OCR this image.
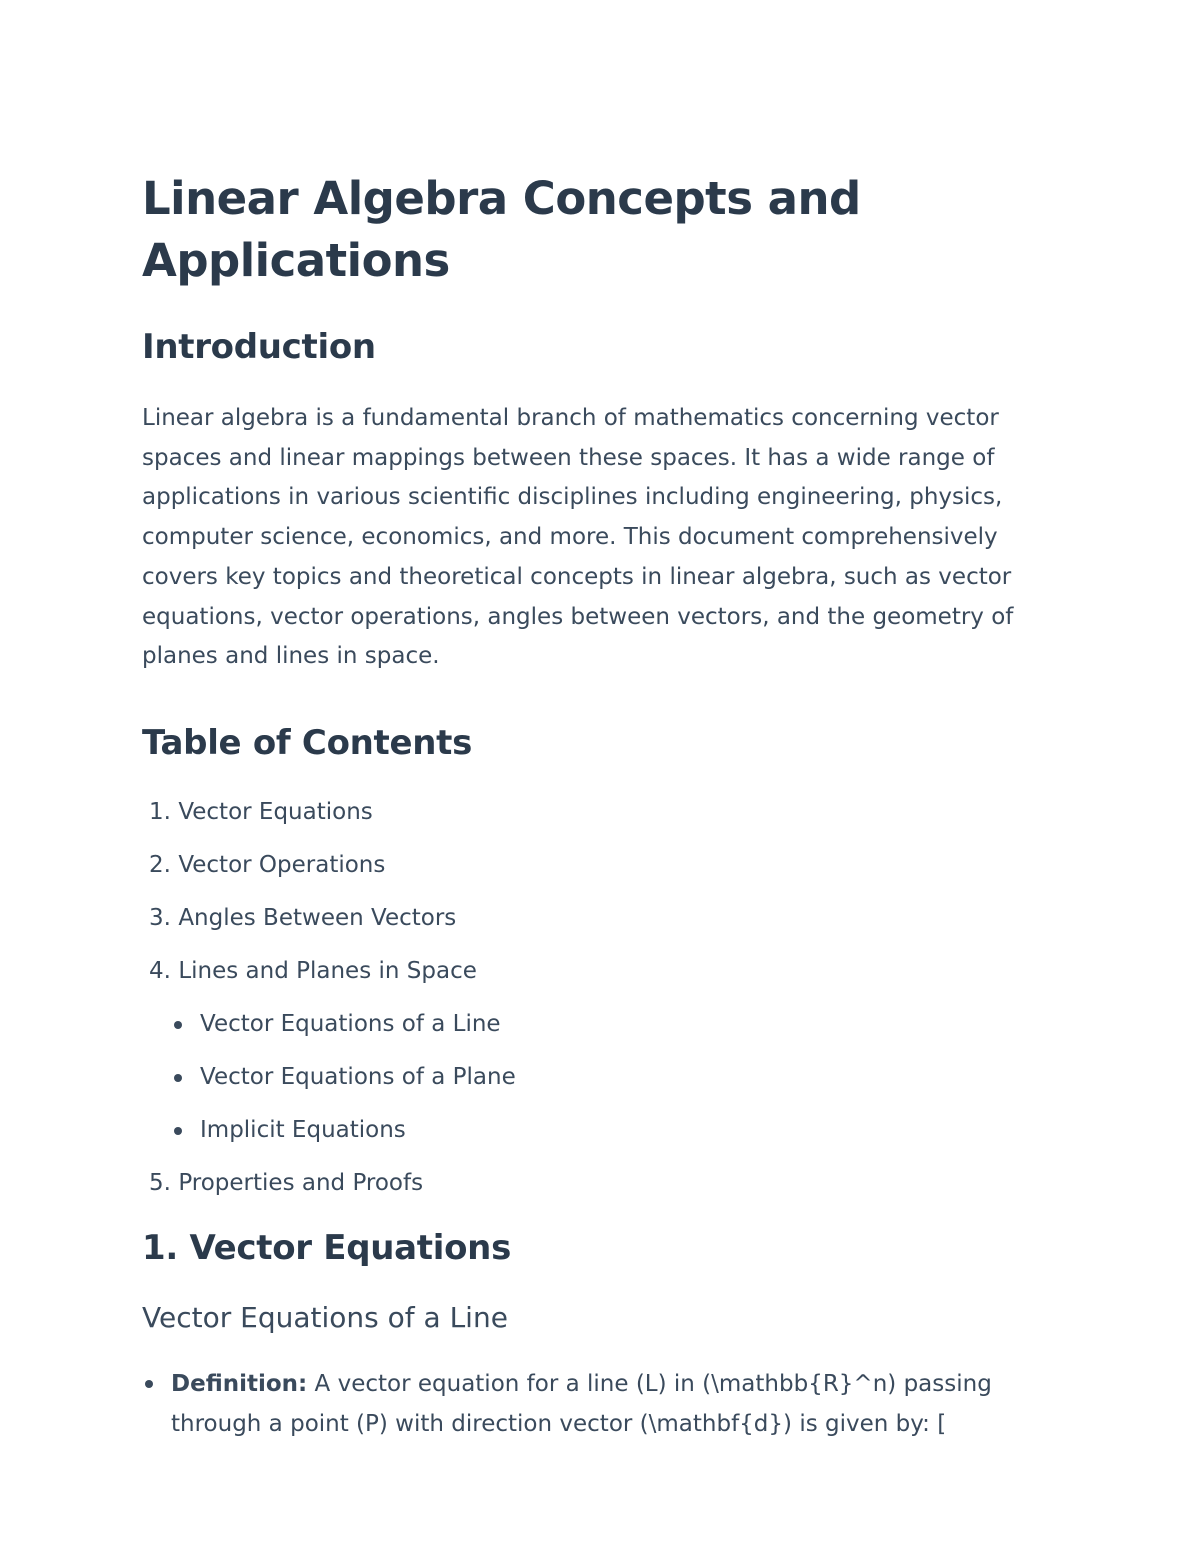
Linear Algebra Concepts and Applications
Introduction

Linear algebra is a fundamental branch of mathematics concerning vector spaces and linear mappings between these spaces. It has a wide range of applications in various scientific disciplines including engineering, physics, computer science, economics, and more. This document comprehensively covers key topics and theoretical concepts in linear algebra, such as vector equations, vector operations, angles between vectors, and the geometry of planes and lines in space.

Table of Contents
1. Vector Equations
2. Vector Operations
3. Angles Between Vectors
4. Lines and Planes in Space
Vector Equations of a Line
Vector Equations of a Plane
Implicit Equations
5. Properties and Proofs
1. Vector Equations
Vector Equations of a Line
Definition: A vector equation for a line (L) in (\mathbb{R}^n) passing through a point (P) with direction vector (\mathbf{d}) is given by: [
